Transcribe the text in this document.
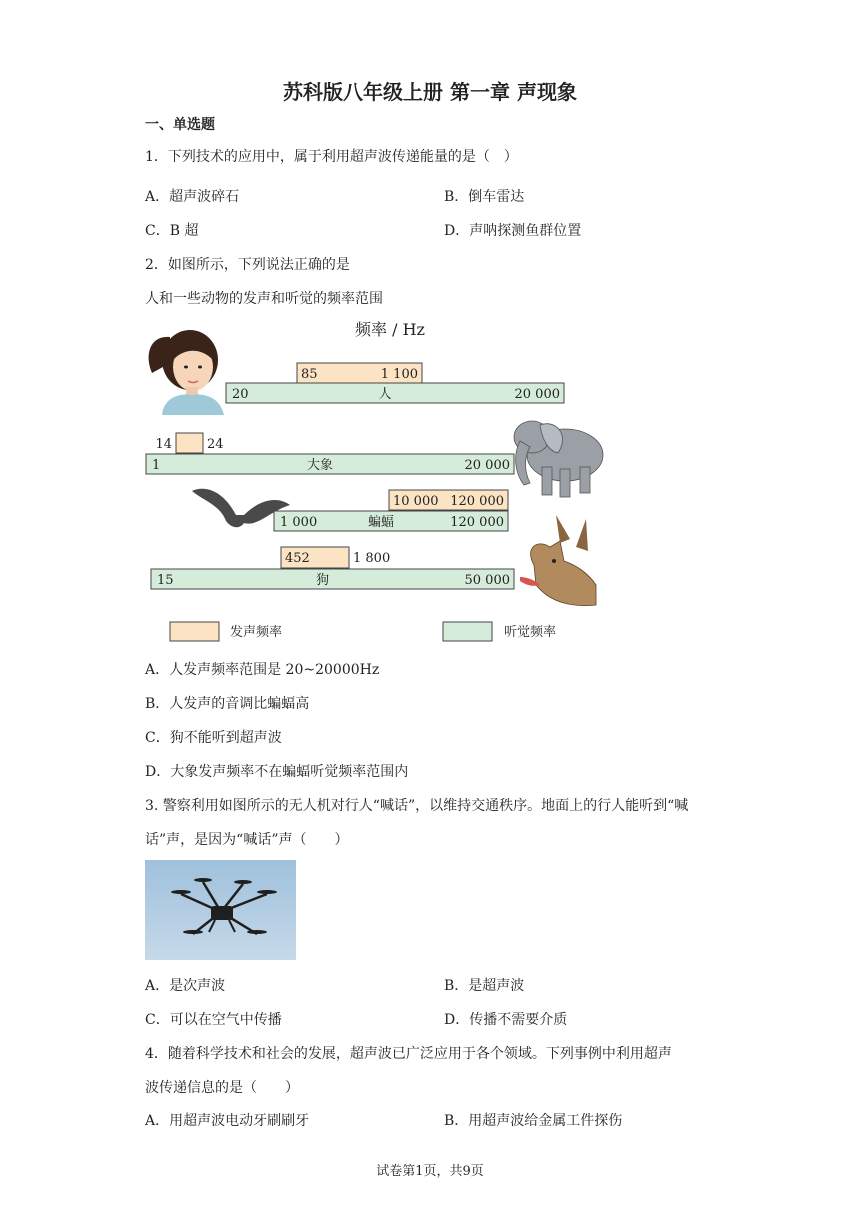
苏科版八年级上册 第一章 声现象
一、单选题
1．下列技术的应用中，属于利用超声波传递能量的是（　）
A．超声波碎石	B．倒车雷达
C．B 超	D．声呐探测鱼群位置
2．如图所示，下列说法正确的是
人和一些动物的发声和听觉的频率范围
频率 / Hz
20	20 000
人
85	1 100
1	20 000
大象
14	24
1 000	120 000
蝙蝠
10 000 120 000
15	50 000
狗
452	1 800
发声频率	听觉频率
A．人发声频率范围是 20~20000Hz
B．人发声的音调比蝙蝠高
C．狗不能听到超声波
D．大象发声频率不在蝙蝠听觉频率范围内
3. 警察利用如图所示的无人机对行人“喊话”，以维持交通秩序。地面上的行人能听到“喊
话”声，是因为“喊话”声（　　）
A．是次声波	B．是超声波
C．可以在空气中传播	D．传播不需要介质
4．随着科学技术和社会的发展，超声波已广泛应用于各个领域。下列事例中利用超声
波传递信息的是（　　）
A．用超声波电动牙刷刷牙	B．用超声波给金属工件探伤
试卷第1页，共9页
